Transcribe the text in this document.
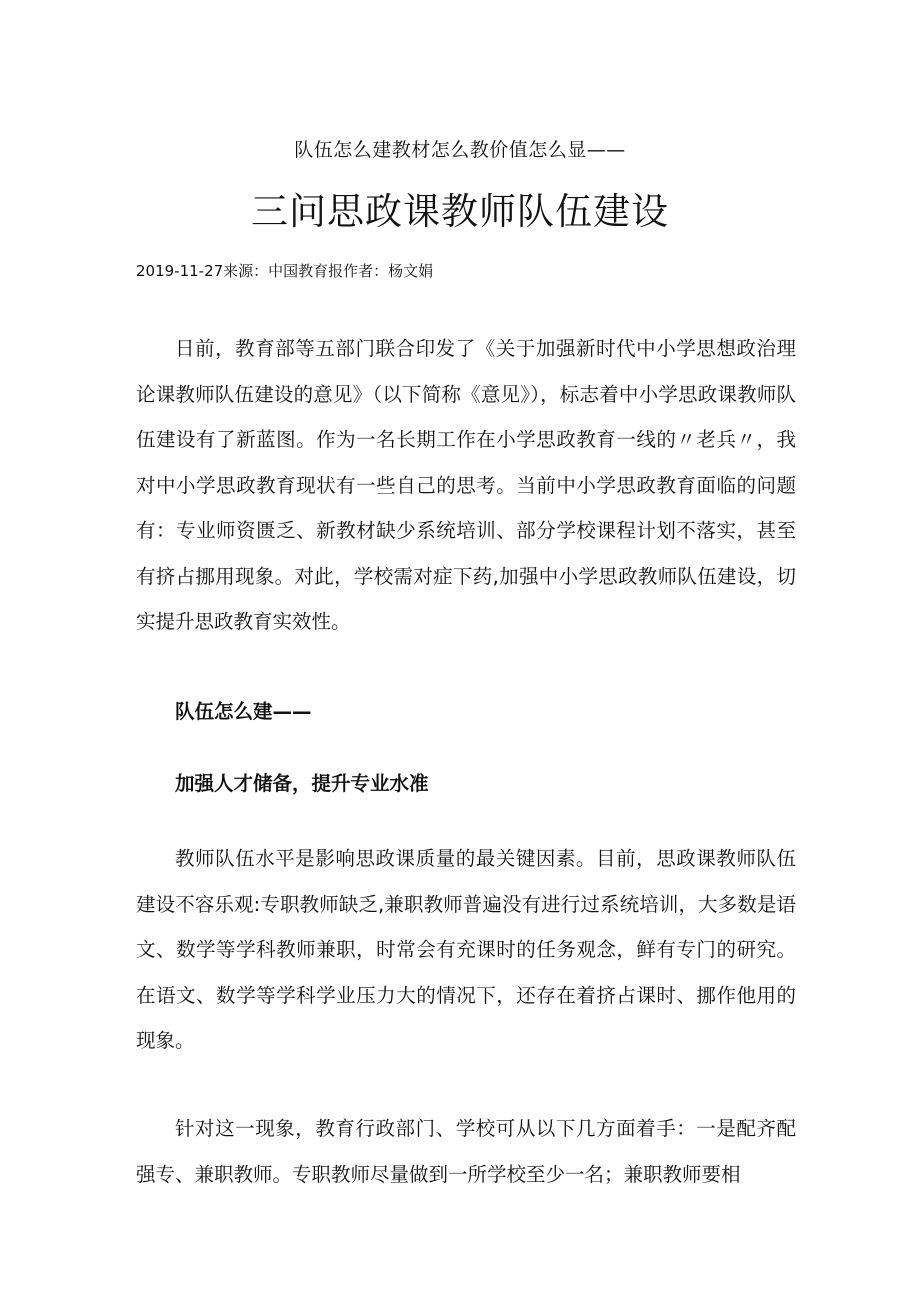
队伍怎么建教材怎么教价值怎么显——
三问思政课教师队伍建设
2019-11-27来源：中国教育报作者：杨文娟

日前，教育部等五部门联合印发了《关于加强新时代中小学思想政治理论课教师队伍建设的意见》（以下简称《意见》），标志着中小学思政课教师队伍建设有了新蓝图。作为一名长期工作在小学思政教育一线的〃老兵〃，我对中小学思政教育现状有一些自己的思考。当前中小学思政教育面临的问题有：专业师资匮乏、新教材缺少系统培训、部分学校课程计划不落实，甚至有挤占挪用现象。对此，学校需对症下药,加强中小学思政教师队伍建设，切实提升思政教育实效性。

队伍怎么建——
加强人才储备，提升专业水准

教师队伍水平是影响思政课质量的最关键因素。目前，思政课教师队伍建设不容乐观:专职教师缺乏,兼职教师普遍没有进行过系统培训，大多数是语文、数学等学科教师兼职，时常会有充课时的任务观念，鲜有专门的研究。在语文、数学等学科学业压力大的情况下，还存在着挤占课时、挪作他用的现象。

针对这一现象，教育行政部门、学校可从以下几方面着手：一是配齐配强专、兼职教师。专职教师尽量做到一所学校至少一名；兼职教师要相
